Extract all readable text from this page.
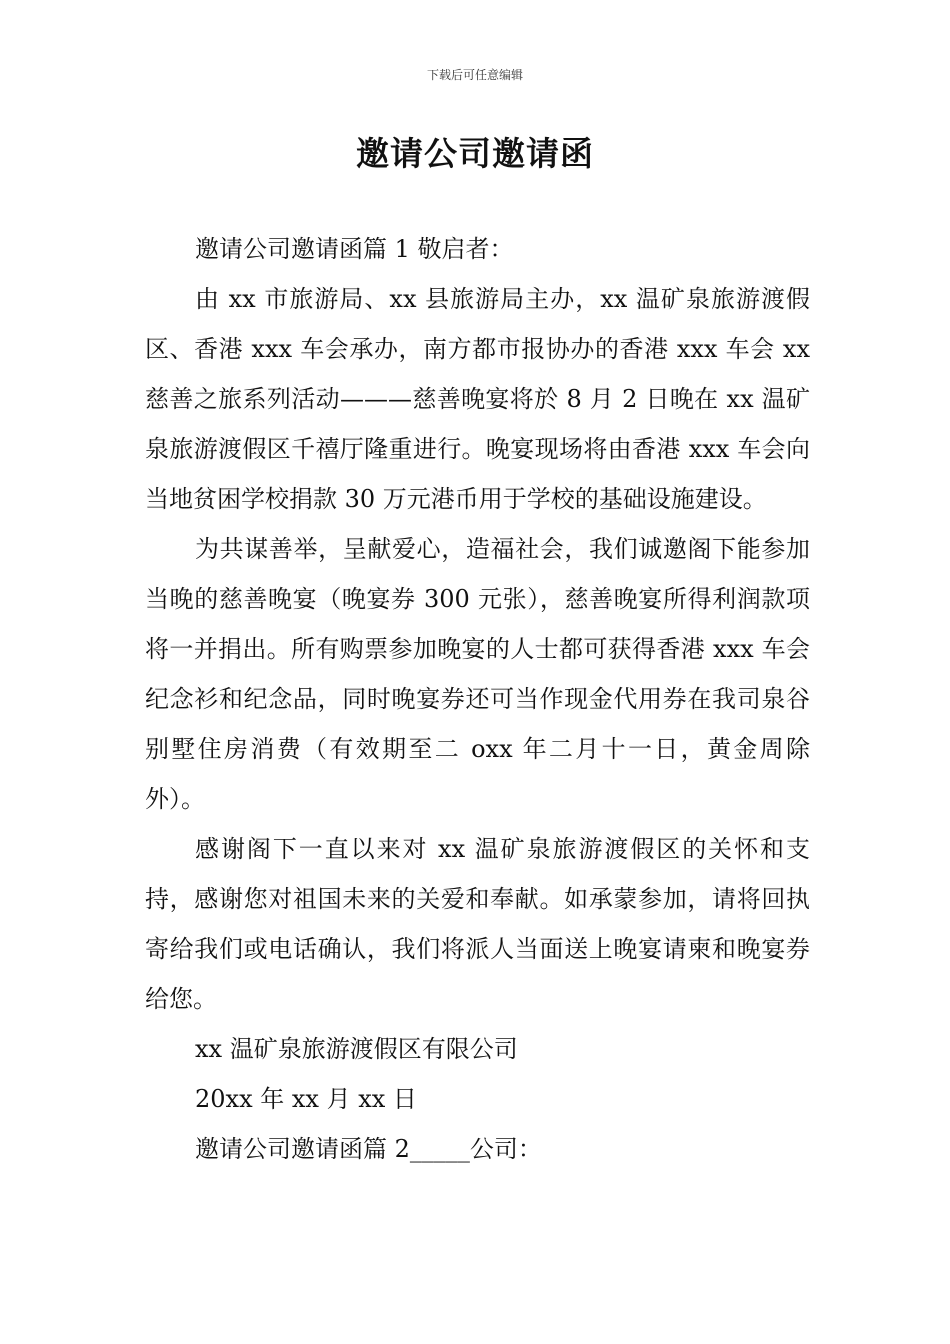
下载后可任意编辑
邀请公司邀请函

邀请公司邀请函篇 1 敬启者：

由 xx 市旅游局、xx 县旅游局主办，xx 温矿泉旅游渡假区、香港 xxx 车会承办，南方都市报协办的香港 xxx 车会 xx 慈善之旅系列活动———慈善晚宴将於 8 月 2 日晚在 xx 温矿泉旅游渡假区千禧厅隆重进行。晚宴现场将由香港 xxx 车会向当地贫困学校捐款 30 万元港币用于学校的基础设施建设。

为共谋善举，呈献爱心，造福社会，我们诚邀阁下能参加当晚的慈善晚宴（晚宴券 300 元张），慈善晚宴所得利润款项将一并捐出。所有购票参加晚宴的人士都可获得香港 xxx 车会纪念衫和纪念品，同时晚宴券还可当作现金代用券在我司泉谷别墅住房消费（有效期至二 oxx 年二月十一日，黄金周除外）。

感谢阁下一直以来对 xx 温矿泉旅游渡假区的关怀和支持，感谢您对祖国未来的关爱和奉献。如承蒙参加，请将回执寄给我们或电话确认，我们将派人当面送上晚宴请柬和晚宴券给您。

xx 温矿泉旅游渡假区有限公司

20xx 年 xx 月 xx 日

邀请公司邀请函篇 2_____公司：
